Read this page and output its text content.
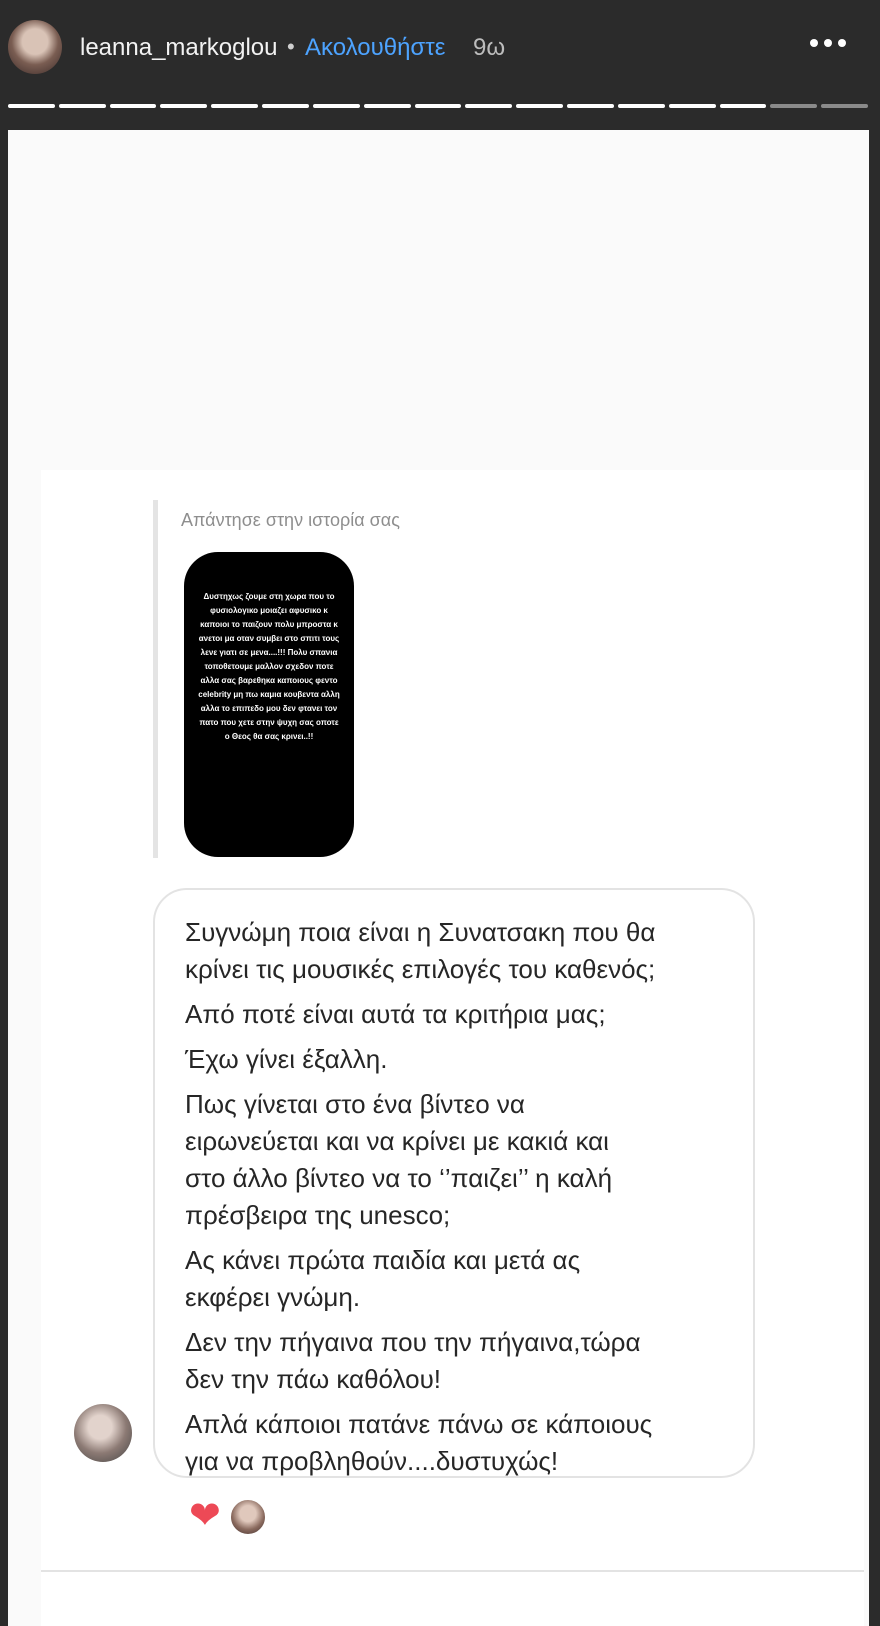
leanna_markoglou • Ακολουθήστε 9ω
Απάντησε στην ιστορία σας
Δυστηχως ζουμε στη χωρα που το φυσιολογικο μοιαζει αφυσικο κ καποιοι το παιζουν πολυ μπροστα κ ανετοι μα οταν συμβει στο σπιτι τους λενε γιατι σε μενα....!!! Πολυ σπανια τοποθετουμε μαλλον σχεδον ποτε αλλα σας βαρεθηκα καποιους φεντο celebrity μη πω καμια κουβεντα αλλη αλλα το επιπεδο μου δεν φτανει τον πατο που χετε στην ψυχη σας οποτε ο Θεος θα σας κρινει..!!

Συγνώμη ποια είναι η Συνατσακη που θα
κρίνει τις μουσικές επιλογές του καθενός;

Από ποτέ είναι αυτά τα κριτήρια μας;

Έχω γίνει έξαλλη.

Πως γίνεται στο ένα βίντεο να
ειρωνεύεται και να κρίνει με κακιά και
στο άλλο βίντεο να το ‘’παιζει’’ η καλή
πρέσβειρα της unesco;

Ας κάνει πρώτα παιδία και μετά ας
εκφέρει γνώμη.

Δεν την πήγαινα που την πήγαινα,τώρα
δεν την πάω καθόλου!

Απλά κάποιοι πατάνε πάνω σε κάποιους
για να προβληθούν....δυστυχώς!

❤
